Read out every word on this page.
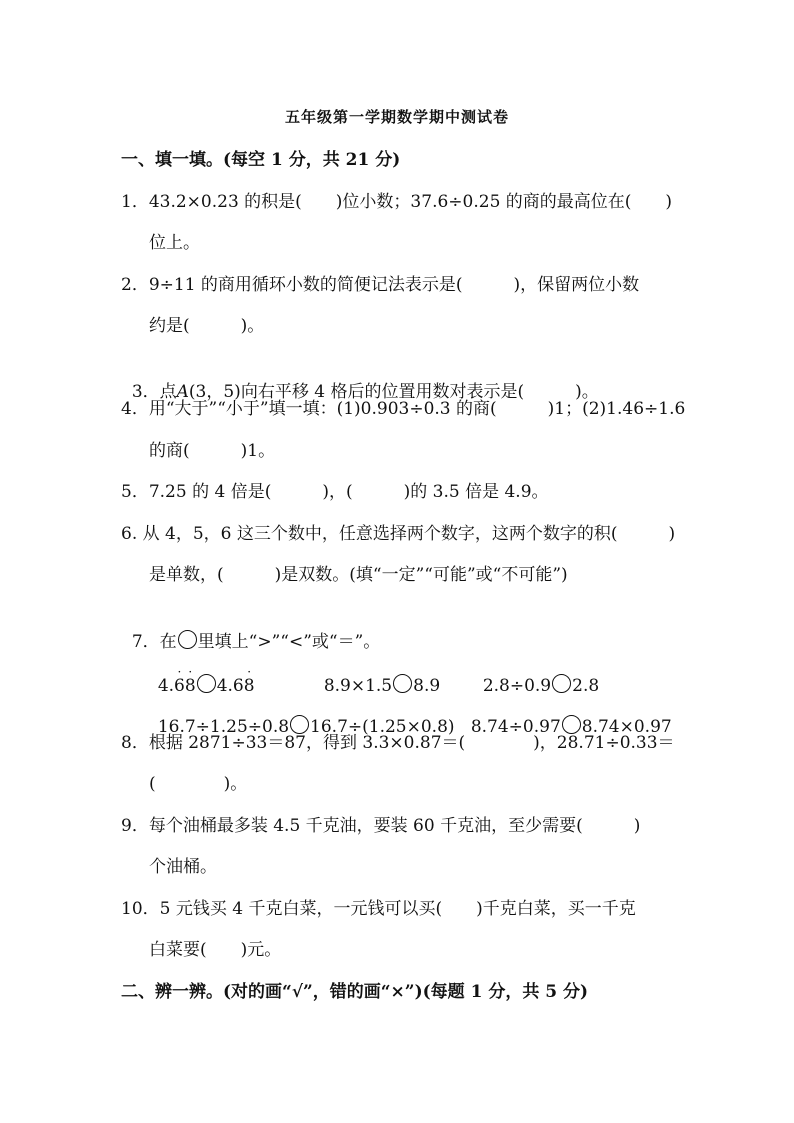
五年级第一学期数学期中测试卷
一、填一填。(每空 1 分，共 21 分)
1．43.2×0.23 的积是(　　)位小数；37.6÷0.25 的商的最高位在(　　)
位上。
2．9÷11 的商用循环小数的简便记法表示是(　　　)，保留两位小数
约是(　　　)。

3．点A(3，5)向右平移 4 格后的位置用数对表示是(　　　)。

4．用“大于”“小于”填一填：(1)0.903÷0.3 的商(　　　)1；(2)1.46÷1.6
的商(　　　)1。
5．7.25 的 4 倍是(　　　)，(　　　)的 3.5 倍是 4.9。
6. 从 4，5，6 这三个数中，任意选择两个数字，这两个数字的积(　　　)
是单数，(　　　)是双数。(填“一定”“可能”或“不可能”)

7．在 里填上“>”“<”或“＝”。

4.
·
6
·
8 4.6
·
8	8.9×1.5 8.9	2.8÷0.9 2.8

16.7÷1.25÷0.8 16.7÷(1.25×0.8) 8.74÷0.97 8.74×0.97

8．根据 2871÷33＝87，得到 3.3×0.87＝(　　　　)，28.71÷0.33＝
(　　　　)。
9．每个油桶最多装 4.5 千克油，要装 60 千克油，至少需要(　　　)
个油桶。
10．5 元钱买 4 千克白菜，一元钱可以买(　　)千克白菜，买一千克
白菜要(　　)元。
二、辨一辨。(对的画“√”，错的画“×”)(每题 1 分，共 5 分)
